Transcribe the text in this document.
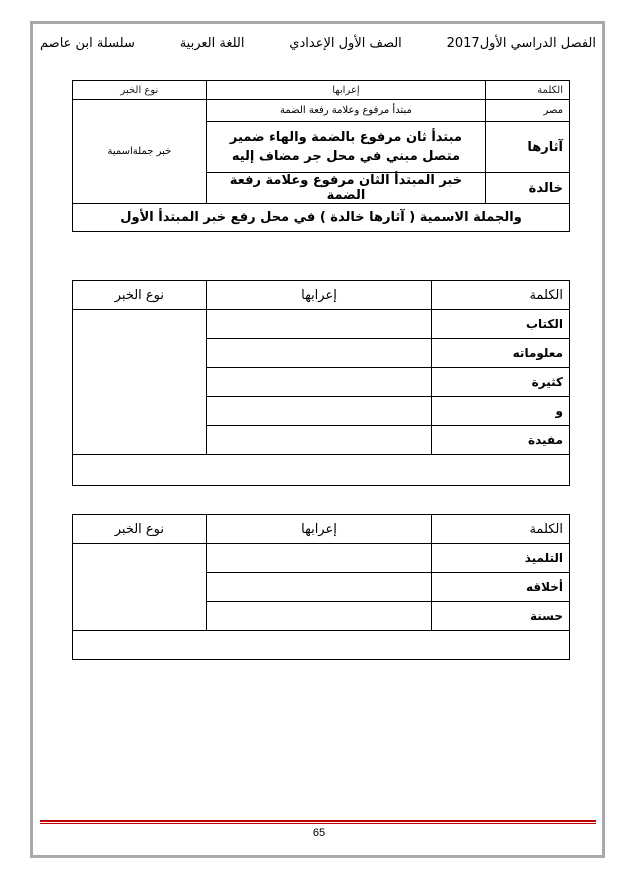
سلسلة ابن عاصم	اللغة العربية	الصف الأول الإعدادي	الفصل الدراسي الأول2017
الكلمة	إعرابها	نوع الخبر
مصر	مبتدأ مرفوع وعلامة رفعة الضمة	خبر جملةاسمية
آثارها	مبتدأ ثان مرفوع بالضمة والهاء ضمير متصل مبني في محل جر مضاف إليه	
خالدة	خبر المبتدأ الثان مرفوع وعلامة رفعة الضمة	
والجملة الاسمية ( آثارها خالدة ) في محل رفع خبر المبتدأ الأول		
الكلمة	إعرابها	نوع الخبر
الكتاب		
معلوماته		
كثيرة		
و		
مفيدة		

الكلمة	إعرابها	نوع الخبر
التلميذ		
أخلاقه		
حسنة		

65
